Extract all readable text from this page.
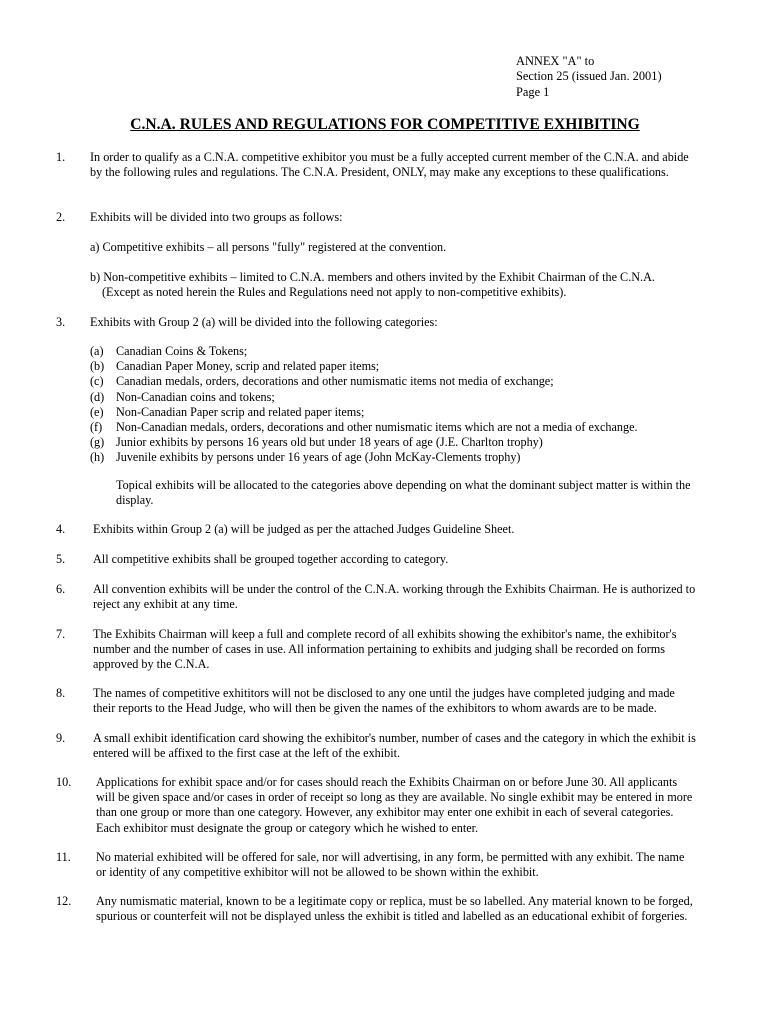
ANNEX "A" to
Section 25 (issued Jan. 2001)
Page 1
C.N.A. RULES AND REGULATIONS FOR COMPETITIVE EXHIBITING
1.	In order to qualify as a C.N.A. competitive exhibitor you must be a fully accepted current member of the C.N.A. and abide by the following rules and regulations. The C.N.A. President, ONLY, may make any exceptions to these qualifications.
2.	Exhibits will be divided into two groups as follows:
a) Competitive exhibits – all persons "fully" registered at the convention.
b) Non-competitive exhibits – limited to C.N.A. members and others invited by the Exhibit Chairman of the C.N.A.
(Except as noted herein the Rules and Regulations need not apply to non-competitive exhibits).
3.	Exhibits with Group 2 (a) will be divided into the following categories:
(a)	Canadian Coins & Tokens;
(b) Canadian Paper Money, scrip and related paper items;
(c)	Canadian medals, orders, decorations and other numismatic items not media of exchange;
(d) Non-Canadian coins and tokens;
(e)	Non-Canadian Paper scrip and related paper items;
(f)	Non-Canadian medals, orders, decorations and other numismatic items which are not a media of exchange.
(g) Junior exhibits by persons 16 years old but under 18 years of age (J.E. Charlton trophy)
(h) Juvenile exhibits by persons under 16 years of age (John McKay-Clements trophy)
Topical exhibits will be allocated to the categories above depending on what the dominant subject matter is within the display.
4.	Exhibits within Group 2 (a) will be judged as per the attached Judges Guideline Sheet.
5.	All competitive exhibits shall be grouped together according to category.
6.	All convention exhibits will be under the control of the C.N.A. working through the Exhibits Chairman. He is authorized to reject any exhibit at any time.
7.	The Exhibits Chairman will keep a full and complete record of all exhibits showing the exhibitor's name, the exhibitor's number and the number of cases in use. All information pertaining to exhibits and judging shall be recorded on forms approved by the C.N.A.
8.	The names of competitive exhititors will not be disclosed to any one until the judges have completed judging and made their reports to the Head Judge, who will then be given the names of the exhibitors to whom awards are to be made.
9.	A small exhibit identification card showing the exhibitor's number, number of cases and the category in which the exhibit is entered will be affixed to the first case at the left of the exhibit.
10.	Applications for exhibit space and/or for cases should reach the Exhibits Chairman on or before June 30. All applicants will be given space and/or cases in order of receipt so long as they are available. No single exhibit may be entered in more than one group or more than one category. However, any exhibitor may enter one exhibit in each of several categories. Each exhibitor must designate the group or category which he wished to enter.
11.	No material exhibited will be offered for sale, nor will advertising, in any form, be permitted with any exhibit. The name or identity of any competitive exhibitor will not be allowed to be shown within the exhibit.
12.	Any numismatic material, known to be a legitimate copy or replica, must be so labelled. Any material known to be forged, spurious or counterfeit will not be displayed unless the exhibit is titled and labelled as an educational exhibit of forgeries.
